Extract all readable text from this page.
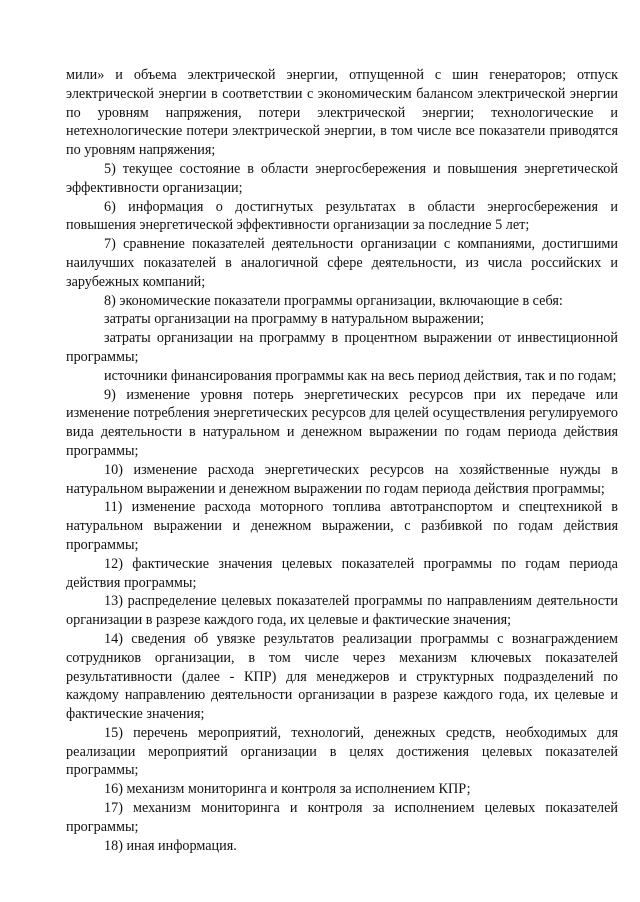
мили» и объема электрической энергии, отпущенной с шин генераторов; отпуск электрической энергии в соответствии с экономическим балансом электрической энергии по уровням напряжения, потери электрической энергии; технологические и нетехнологические потери электрической энергии, в том числе все показатели приводятся по уровням напряжения;

5) текущее состояние в области энергосбережения и повышения энергетической эффективности организации;

6) информация о достигнутых результатах в области энергосбережения и повышения энергетической эффективности организации за последние 5 лет;

7) сравнение показателей деятельности организации с компаниями, достигшими наилучших показателей в аналогичной сфере деятельности, из числа российских и зарубежных компаний;

8) экономические показатели программы организации, включающие в себя:

затраты организации на программу в натуральном выражении;

затраты организации на программу в процентном выражении от инвестиционной программы;

источники финансирования программы как на весь период действия, так и по годам;

9) изменение уровня потерь энергетических ресурсов при их передаче или изменение потребления энергетических ресурсов для целей осуществления регулируемого вида деятельности в натуральном и денежном выражении по годам периода действия программы;

10) изменение расхода энергетических ресурсов на хозяйственные нужды в натуральном выражении и денежном выражении по годам периода действия программы;

11) изменение расхода моторного топлива автотранспортом и спецтехникой в натуральном выражении и денежном выражении, с разбивкой по годам действия программы;

12) фактические значения целевых показателей программы по годам периода действия программы;

13) распределение целевых показателей программы по направлениям деятельности организации в разрезе каждого года, их целевые и фактические значения;

14) сведения об увязке результатов реализации программы с вознаграждением сотрудников организации, в том числе через механизм ключевых показателей результативности (далее - КПР) для менеджеров и структурных подразделений по каждому направлению деятельности организации в разрезе каждого года, их целевые и фактические значения;

15) перечень мероприятий, технологий, денежных средств, необходимых для реализации мероприятий организации в целях достижения целевых показателей программы;

16) механизм мониторинга и контроля за исполнением КПР;

17) механизм мониторинга и контроля за исполнением целевых показателей программы;

18) иная информация.
